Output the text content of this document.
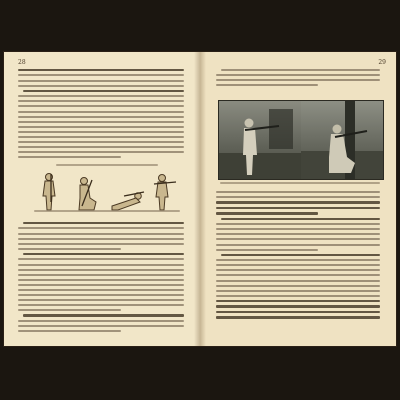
28	29
